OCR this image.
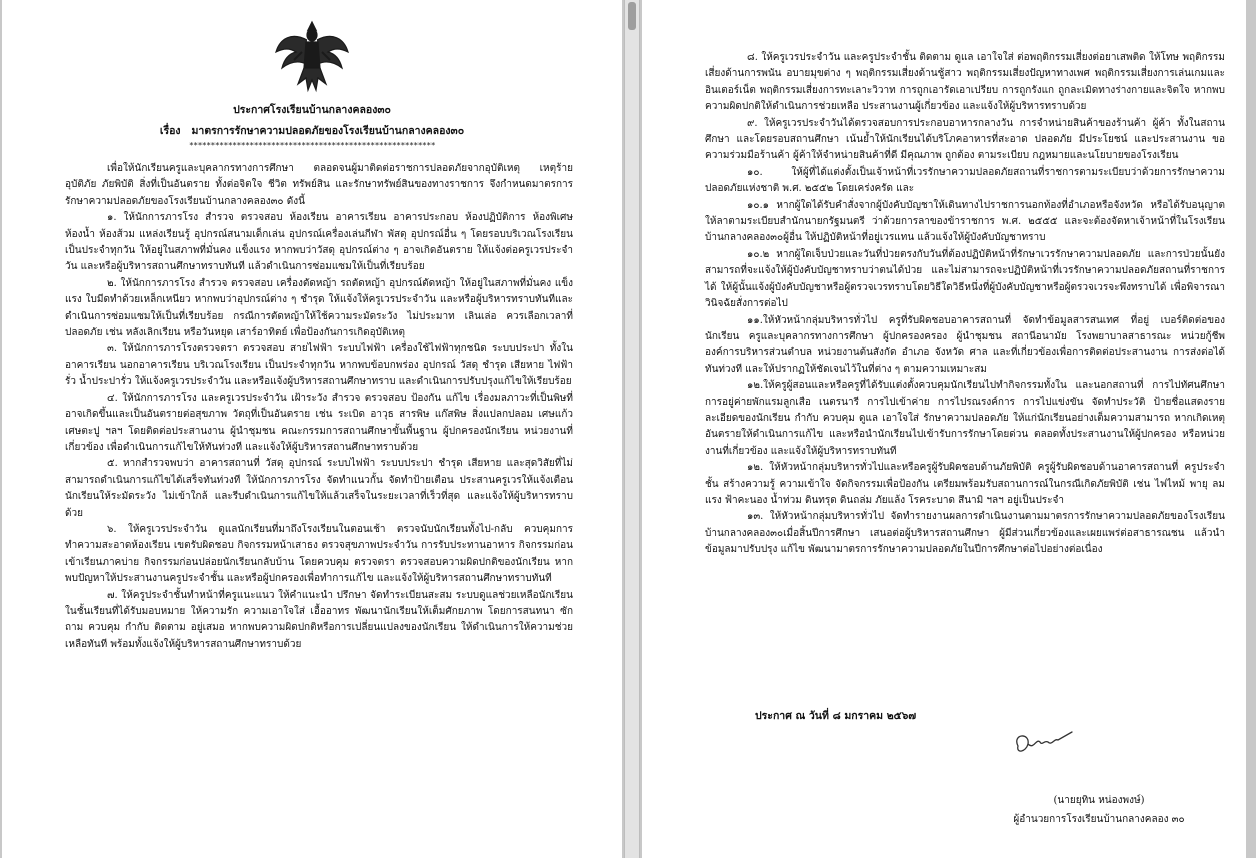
ประกาศโรงเรียนบ้านกลางคลอง๓๐
เรื่อง มาตรการรักษาความปลอดภัยของโรงเรียนบ้านกลางคลอง๓๐
*********************************************************

เพื่อให้นักเรียนครูและบุคลากรทางการศึกษา ตลอดจนผู้มาติดต่อราชการปลอดภัยจากอุบัติเหตุ เหตุร้าย อุบัติภัย ภัยพิบัติ สิ่งที่เป็นอันตราย ทั้งต่อจิตใจ ชีวิต ทรัพย์สิน และรักษาทรัพย์สินของทางราชการ จึงกำหนดมาตรการรักษาความปลอดภัยของโรงเรียนบ้านกลางคลอง๓๐ ดังนี้

๑. ให้นักการภารโรง สำรวจ ตรวจสอบ ห้องเรียน อาคารเรียน อาคารประกอบ ห้องปฏิบัติการ ห้องพิเศษ ห้องน้ำ ห้องส้วม แหล่งเรียนรู้ อุปกรณ์สนามเด็กเล่น อุปกรณ์เครื่องเล่นกีฬา พัสดุ อุปกรณ์อื่น ๆ โดยรอบบริเวณโรงเรียน เป็นประจำทุกวัน ให้อยู่ในสภาพที่มั่นคง แข็งแรง หากพบว่าวัสดุ อุปกรณ์ต่าง ๆ อาจเกิดอันตราย ให้แจ้งต่อครูเวรประจำวัน และหรือผู้บริหารสถานศึกษาทราบทันที แล้วดำเนินการซ่อมแซมให้เป็นที่เรียบร้อย

๒. ให้นักการภารโรง สำรวจ ตรวจสอบ เครื่องตัดหญ้า รถตัดหญ้า อุปกรณ์ตัดหญ้า ให้อยู่ในสภาพที่มั่นคง แข็งแรง ใบมีดทำด้วยเหล็กเหนียว หากพบว่าอุปกรณ์ต่าง ๆ ชำรุด ให้แจ้งให้ครูเวรประจำวัน และหรือผู้บริหารทราบทันทีและดำเนินการซ่อมแซมให้เป็นที่เรียบร้อย กรณีการตัดหญ้าให้ใช้ความระมัดระวัง ไม่ประมาท เลินเล่อ ควรเลือกเวลาที่ปลอดภัย เช่น หลังเลิกเรียน หรือวันหยุด เสาร์อาทิตย์ เพื่อป้องกันการเกิดอุบัติเหตุ

๓. ให้นักการภารโรงตรวจตรา ตรวจสอบ สายไฟฟ้า ระบบไฟฟ้า เครื่องใช้ไฟฟ้าทุกชนิด ระบบประปา ทั้งในอาคารเรียน นอกอาคารเรียน บริเวณโรงเรียน เป็นประจำทุกวัน หากพบข้อบกพร่อง อุปกรณ์ วัสดุ ชำรุด เสียหาย ไฟฟ้ารั่ว น้ำประปารั่ว ให้แจ้งครูเวรประจำวัน และหรือแจ้งผู้บริหารสถานศึกษาทราบ และดำเนินการปรับปรุงแก้ไขให้เรียบร้อย

๔. ให้นักการภารโรง และครูเวรประจำวัน เฝ้าระวัง สำรวจ ตรวจสอบ ป้องกัน แก้ไข เรื่องมลภาวะที่เป็นพิษที่อาจเกิดขึ้นและเป็นอันตรายต่อสุขภาพ วัตถุที่เป็นอันตราย เช่น ระเบิด อาวุธ สารพิษ แก๊สพิษ สิ่งแปลกปลอม เศษแก้ว เศษตะปู ฯลฯ โดยติดต่อประสานงาน ผู้นำชุมชน คณะกรรมการสถานศึกษาขั้นพื้นฐาน ผู้ปกครองนักเรียน หน่วยงานที่เกี่ยวข้อง เพื่อดำเนินการแก้ไขให้ทันท่วงที และแจ้งให้ผู้บริหารสถานศึกษาทราบด้วย

๕. หากสำรวจพบว่า อาคารสถานที่ วัสดุ อุปกรณ์ ระบบไฟฟ้า ระบบประปา ชำรุด เสียหาย และสุดวิสัยที่ไม่สามารถดำเนินการแก้ไขได้เสร็จทันท่วงที ให้นักการภารโรง จัดทำแนวกั้น จัดทำป้ายเตือน ประสานครูเวรให้แจ้งเตือนนักเรียนให้ระมัดระวัง ไม่เข้าใกล้ และรีบดำเนินการแก้ไขให้แล้วเสร็จในระยะเวลาที่เร็วที่สุด และแจ้งให้ผู้บริหารทราบด้วย

๖. ให้ครูเวรประจำวัน ดูแลนักเรียนที่มาถึงโรงเรียนในตอนเช้า ตรวจนับนักเรียนทั้งไป-กลับ ควบคุมการทำความสะอาดห้องเรียน เขตรับผิดชอบ กิจกรรมหน้าเสาธง ตรวจสุขภาพประจำวัน การรับประทานอาหาร กิจกรรมก่อนเข้าเรียนภาคบ่าย กิจกรรมก่อนปล่อยนักเรียนกลับบ้าน โดยควบคุม ตรวจตรา ตรวจสอบความผิดปกติของนักเรียน หากพบปัญหาให้ประสานงานครูประจำชั้น และหรือผู้ปกครองเพื่อทำการแก้ไข และแจ้งให้ผู้บริหารสถานศึกษาทราบทันที

๗. ให้ครูประจำชั้นทำหน้าที่ครูแนะแนว ให้คำแนะนำ ปรึกษา จัดทำระเบียนสะสม ระบบดูแลช่วยเหลือนักเรียนในชั้นเรียนที่ได้รับมอบหมาย ให้ความรัก ความเอาใจใส่ เอื้ออาทร พัฒนานักเรียนให้เต็มศักยภาพ โดยการสนทนา ซักถาม ควบคุม กำกับ ติดตาม อยู่เสมอ หากพบความผิดปกติหรือการเปลี่ยนแปลงของนักเรียน ให้ดำเนินการให้ความช่วยเหลือทันที พร้อมทั้งแจ้งให้ผู้บริหารสถานศึกษาทราบด้วย

๘. ให้ครูเวรประจำวัน และครูประจำชั้น ติดตาม ดูแล เอาใจใส่ ต่อพฤติกรรมเสี่ยงต่อยาเสพติด ให้โทษ พฤติกรรมเสี่ยงด้านการพนัน อบายมุขต่าง ๆ พฤติกรรมเสี่ยงด้านชู้สาว พฤติกรรมเสี่ยงปัญหาทางเพศ พฤติกรรมเสี่ยงการเล่นเกมและอินเตอร์เน็ต พฤติกรรมเสี่ยงการทะเลาะวิวาท การถูกเอารัดเอาเปรียบ การถูกรังแก ถูกละเมิดทางร่างกายและจิตใจ หากพบความผิดปกติให้ดำเนินการช่วยเหลือ ประสานงานผู้เกี่ยวข้อง และแจ้งให้ผู้บริหารทราบด้วย

๙. ให้ครูเวรประจำวันได้ตรวจสอบการประกอบอาหารกลางวัน การจำหน่ายสินค้าของร้านค้า ผู้ค้า ทั้งในสถานศึกษา และโดยรอบสถานศึกษา เน้นย้ำให้นักเรียนได้บริโภคอาหารที่สะอาด ปลอดภัย มีประโยชน์ และประสานงาน ขอความร่วมมือร้านค้า ผู้ค้าให้จำหน่ายสินค้าที่ดี มีคุณภาพ ถูกต้อง ตามระเบียบ กฎหมายและนโยบายของโรงเรียน

๑๐. ให้ผู้ที่ได้แต่งตั้งเป็นเจ้าหน้าที่เวรรักษาความปลอดภัยสถานที่ราชการตามระเบียบว่าด้วยการรักษาความปลอดภัยแห่งชาติ พ.ศ. ๒๕๕๒ โดยเคร่งครัด และ

๑๐.๑ หากผู้ใดได้รับคำสั่งจากผู้บังคับบัญชาให้เดินทางไปราชการนอกท้องที่อำเภอหรือจังหวัด หรือได้รับอนุญาตให้ลาตามระเบียบสำนักนายกรัฐมนตรี ว่าด้วยการลาของข้าราชการ พ.ศ. ๒๕๕๕ และจะต้องจัดหาเจ้าหน้าที่ในโรงเรียนบ้านกลางคลอง๓๐ผู้อื่น ให้ปฏิบัติหน้าที่อยู่เวรแทน แล้วแจ้งให้ผู้บังคับบัญชาทราบ

๑๐.๒ หากผู้ใดเจ็บป่วยและวันที่ป่วยตรงกับวันที่ต้องปฏิบัติหน้าที่รักษาเวรรักษาความปลอดภัย และการป่วยนั้นยังสามารถที่จะแจ้งให้ผู้บังคับบัญชาทราบว่าตนได้ป่วย และไม่สามารถจะปฏิบัติหน้าที่เวรรักษาความปลอดภัยสถานที่ราชการได้ ให้ผู้นั้นแจ้งผู้บังคับบัญชาหรือผู้ตรวจเวรทราบโดยวิธีใดวิธีหนึ่งที่ผู้บังคับบัญชาหรือผู้ตรวจเวรจะพึงทราบได้ เพื่อพิจารณาวินิจฉัยสั่งการต่อไป

๑๑.ให้หัวหน้ากลุ่มบริหารทั่วไป ครูที่รับผิดชอบอาคารสถานที่ จัดทำข้อมูลสารสนเทศ ที่อยู่ เบอร์ติดต่อของนักเรียน ครูและบุคลากรทางการศึกษา ผู้ปกครองครอง ผู้นำชุมชน สถานีอนามัย โรงพยาบาลสาธารณะ หน่วยกู้ชีพ องค์การบริหารส่วนตำบล หน่วยงานต้นสังกัด อำเภอ จังหวัด ศาล และที่เกี่ยวข้องเพื่อการติดต่อประสานงาน การส่งต่อได้ทันท่วงที และให้ปรากฏให้ชัดเจนไว้ในที่ต่าง ๆ ตามความเหมาะสม

๑๒.ให้ครูผู้สอนและหรือครูที่ได้รับแต่งตั้งควบคุมนักเรียนไปทำกิจกรรมทั้งใน และนอกสถานที่ การไปทัศนศึกษา การอยู่ค่ายพักแรมลูกเสือ เนตรนารี การไปเข้าค่าย การไปรณรงค์การ การไปแข่งขัน จัดทำประวัติ ป้ายชื่อแสดงรายละเอียดของนักเรียน กำกับ ควบคุม ดูแล เอาใจใส่ รักษาความปลอดภัย ให้แก่นักเรียนอย่างเต็มความสามารถ หากเกิดเหตุอันตรายให้ดำเนินการแก้ไข และหรือนำนักเรียนไปเข้ารับการรักษาโดยด่วน ตลอดทั้งประสานงานให้ผู้ปกครอง หรือหน่วยงานที่เกี่ยวข้อง และแจ้งให้ผู้บริหารทราบทันที

๑๒. ให้หัวหน้ากลุ่มบริหารทั่วไปและหรือครูผู้รับผิดชอบด้านภัยพิบัติ ครูผู้รับผิดชอบด้านอาคารสถานที่ ครูประจำชั้น สร้างความรู้ ความเข้าใจ จัดกิจกรรมเพื่อป้องกัน เตรียมพร้อมรับสถานการณ์ในกรณีเกิดภัยพิบัติ เช่น ไฟไหม้ พายุ ลมแรง ฟ้าคะนอง น้ำท่วม ดินทรุด ดินถล่ม ภัยแล้ง โรคระบาด สึนามิ ฯลฯ อยู่เป็นประจำ

๑๓. ให้หัวหน้ากลุ่มบริหารทั่วไป จัดทำรายงานผลการดำเนินงานตามมาตรการรักษาความปลอดภัยของโรงเรียนบ้านกลางคลอง๓๐เมื่อสิ้นปีการศึกษา เสนอต่อผู้บริหารสถานศึกษา ผู้มีส่วนเกี่ยวข้องและเผยแพร่ต่อสาธารณชน แล้วนำข้อมูลมาปรับปรุง แก้ไข พัฒนามาตรการรักษาความปลอดภัยในปีการศึกษาต่อไปอย่างต่อเนื่อง

ประกาศ ณ วันที่ ๘ มกราคม ๒๕๖๗
(นายยุทิน หน่องพงษ์)
ผู้อำนวยการโรงเรียนบ้านกลางคลอง ๓๐
